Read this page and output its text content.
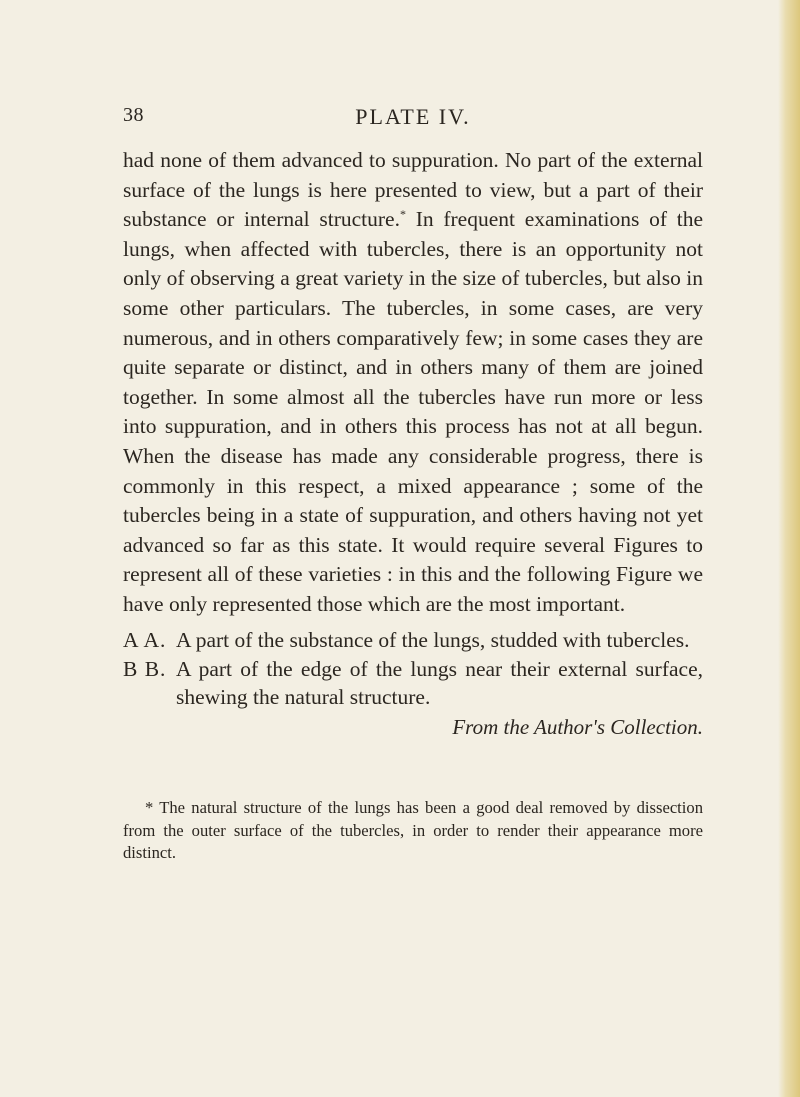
38	PLATE IV.

had none of them advanced to suppuration. No part of the external surface of the lungs is here presented to view, but a part of their substance or internal structure.* In frequent examinations of the lungs, when affected with tubercles, there is an opportunity not only of observing a great variety in the size of tubercles, but also in some other particulars. The tubercles, in some cases, are very numerous, and in others comparatively few; in some cases they are quite separate or distinct, and in others many of them are joined together. In some almost all the tubercles have run more or less into suppuration, and in others this process has not at all begun. When the disease has made any considerable progress, there is commonly in this respect, a mixed appearance ; some of the tubercles being in a state of suppuration, and others having not yet advanced so far as this state. It would require several Figures to represent all of these varieties : in this and the following Figure we have only represented those which are the most important.

A A. A part of the substance of the lungs, studded with tubercles.

B B. A part of the edge of the lungs near their external surface, shewing the natural structure.

From the Author's Collection.

* The natural structure of the lungs has been a good deal removed by dissection from the outer surface of the tubercles, in order to render their appearance more distinct.
